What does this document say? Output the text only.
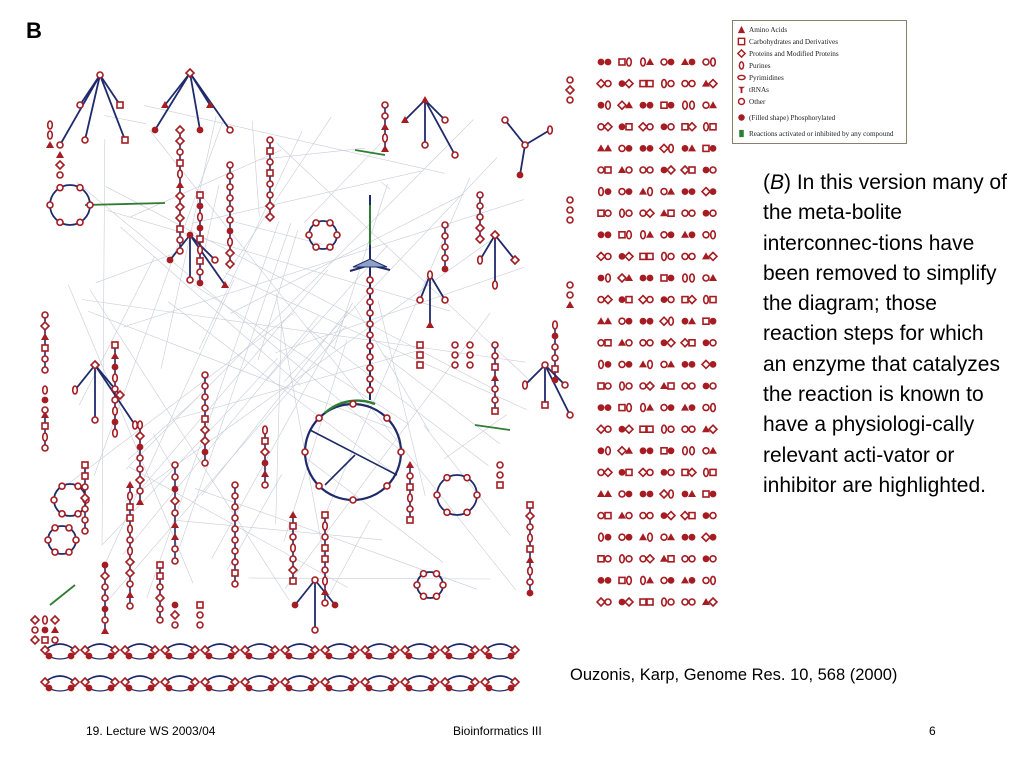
B	Amino Acids
Carbohydrates and Derivatives
Proteins and Modified Proteins
Purines
Pyrimidines
tRNAs
Other
(Filled shape) Phosphorylated
Reactions activated or inhibited by any compound
(B) In this version many of the meta-bolite interconnec-tions have been removed to simplify the diagram; those reaction steps for which an enzyme that catalyzes the reaction is known to have a physiologi-cally relevant acti-vator or inhibitor are highlighted.
Ouzonis, Karp, Genome Res. 10, 568 (2000)
19. Lecture WS 2003/04	Bioinformatics III	6
